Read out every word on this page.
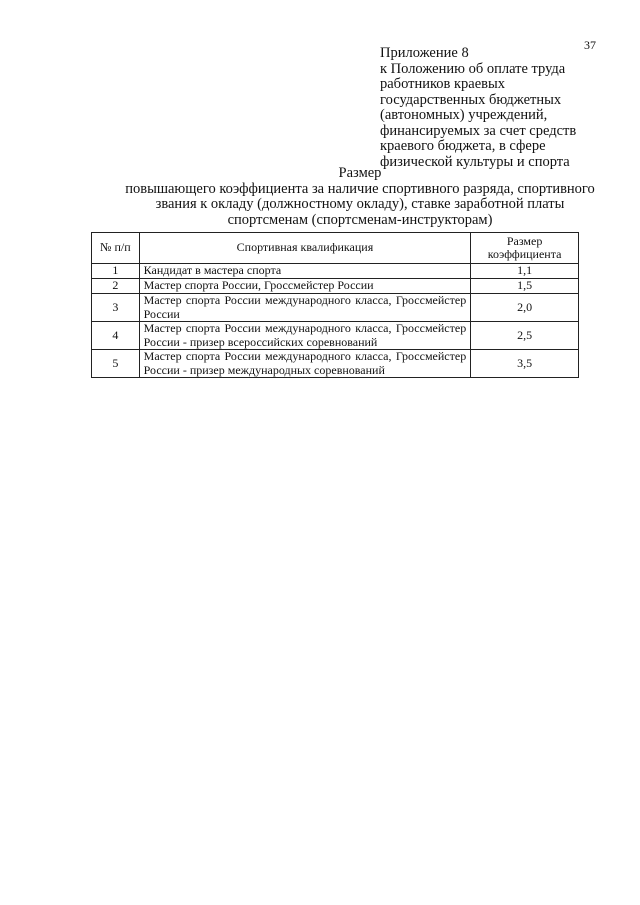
37
Приложение 8
к Положению об оплате труда
работников краевых
государственных бюджетных
(автономных) учреждений,
финансируемых за счет средств
краевого бюджета, в сфере
физической культуры и спорта
Размер
повышающего коэффициента за наличие спортивного разряда, спортивного
звания к окладу (должностному окладу), ставке заработной платы
спортсменам (спортсменам-инструкторам)
№ п/п	Спортивная квалификация	Размер коэффициента
1	Кандидат в мастера спорта	1,1
2	Мастер спорта России, Гроссмейстер России	1,5
3	Мастер спорта России международного класса, Гроссмейстер России	2,0
4	Мастер спорта России международного класса, Гроссмейстер России - призер всероссийских соревнований	2,5
5	Мастер спорта России международного класса, Гроссмейстер России - призер международных соревнований	3,5
